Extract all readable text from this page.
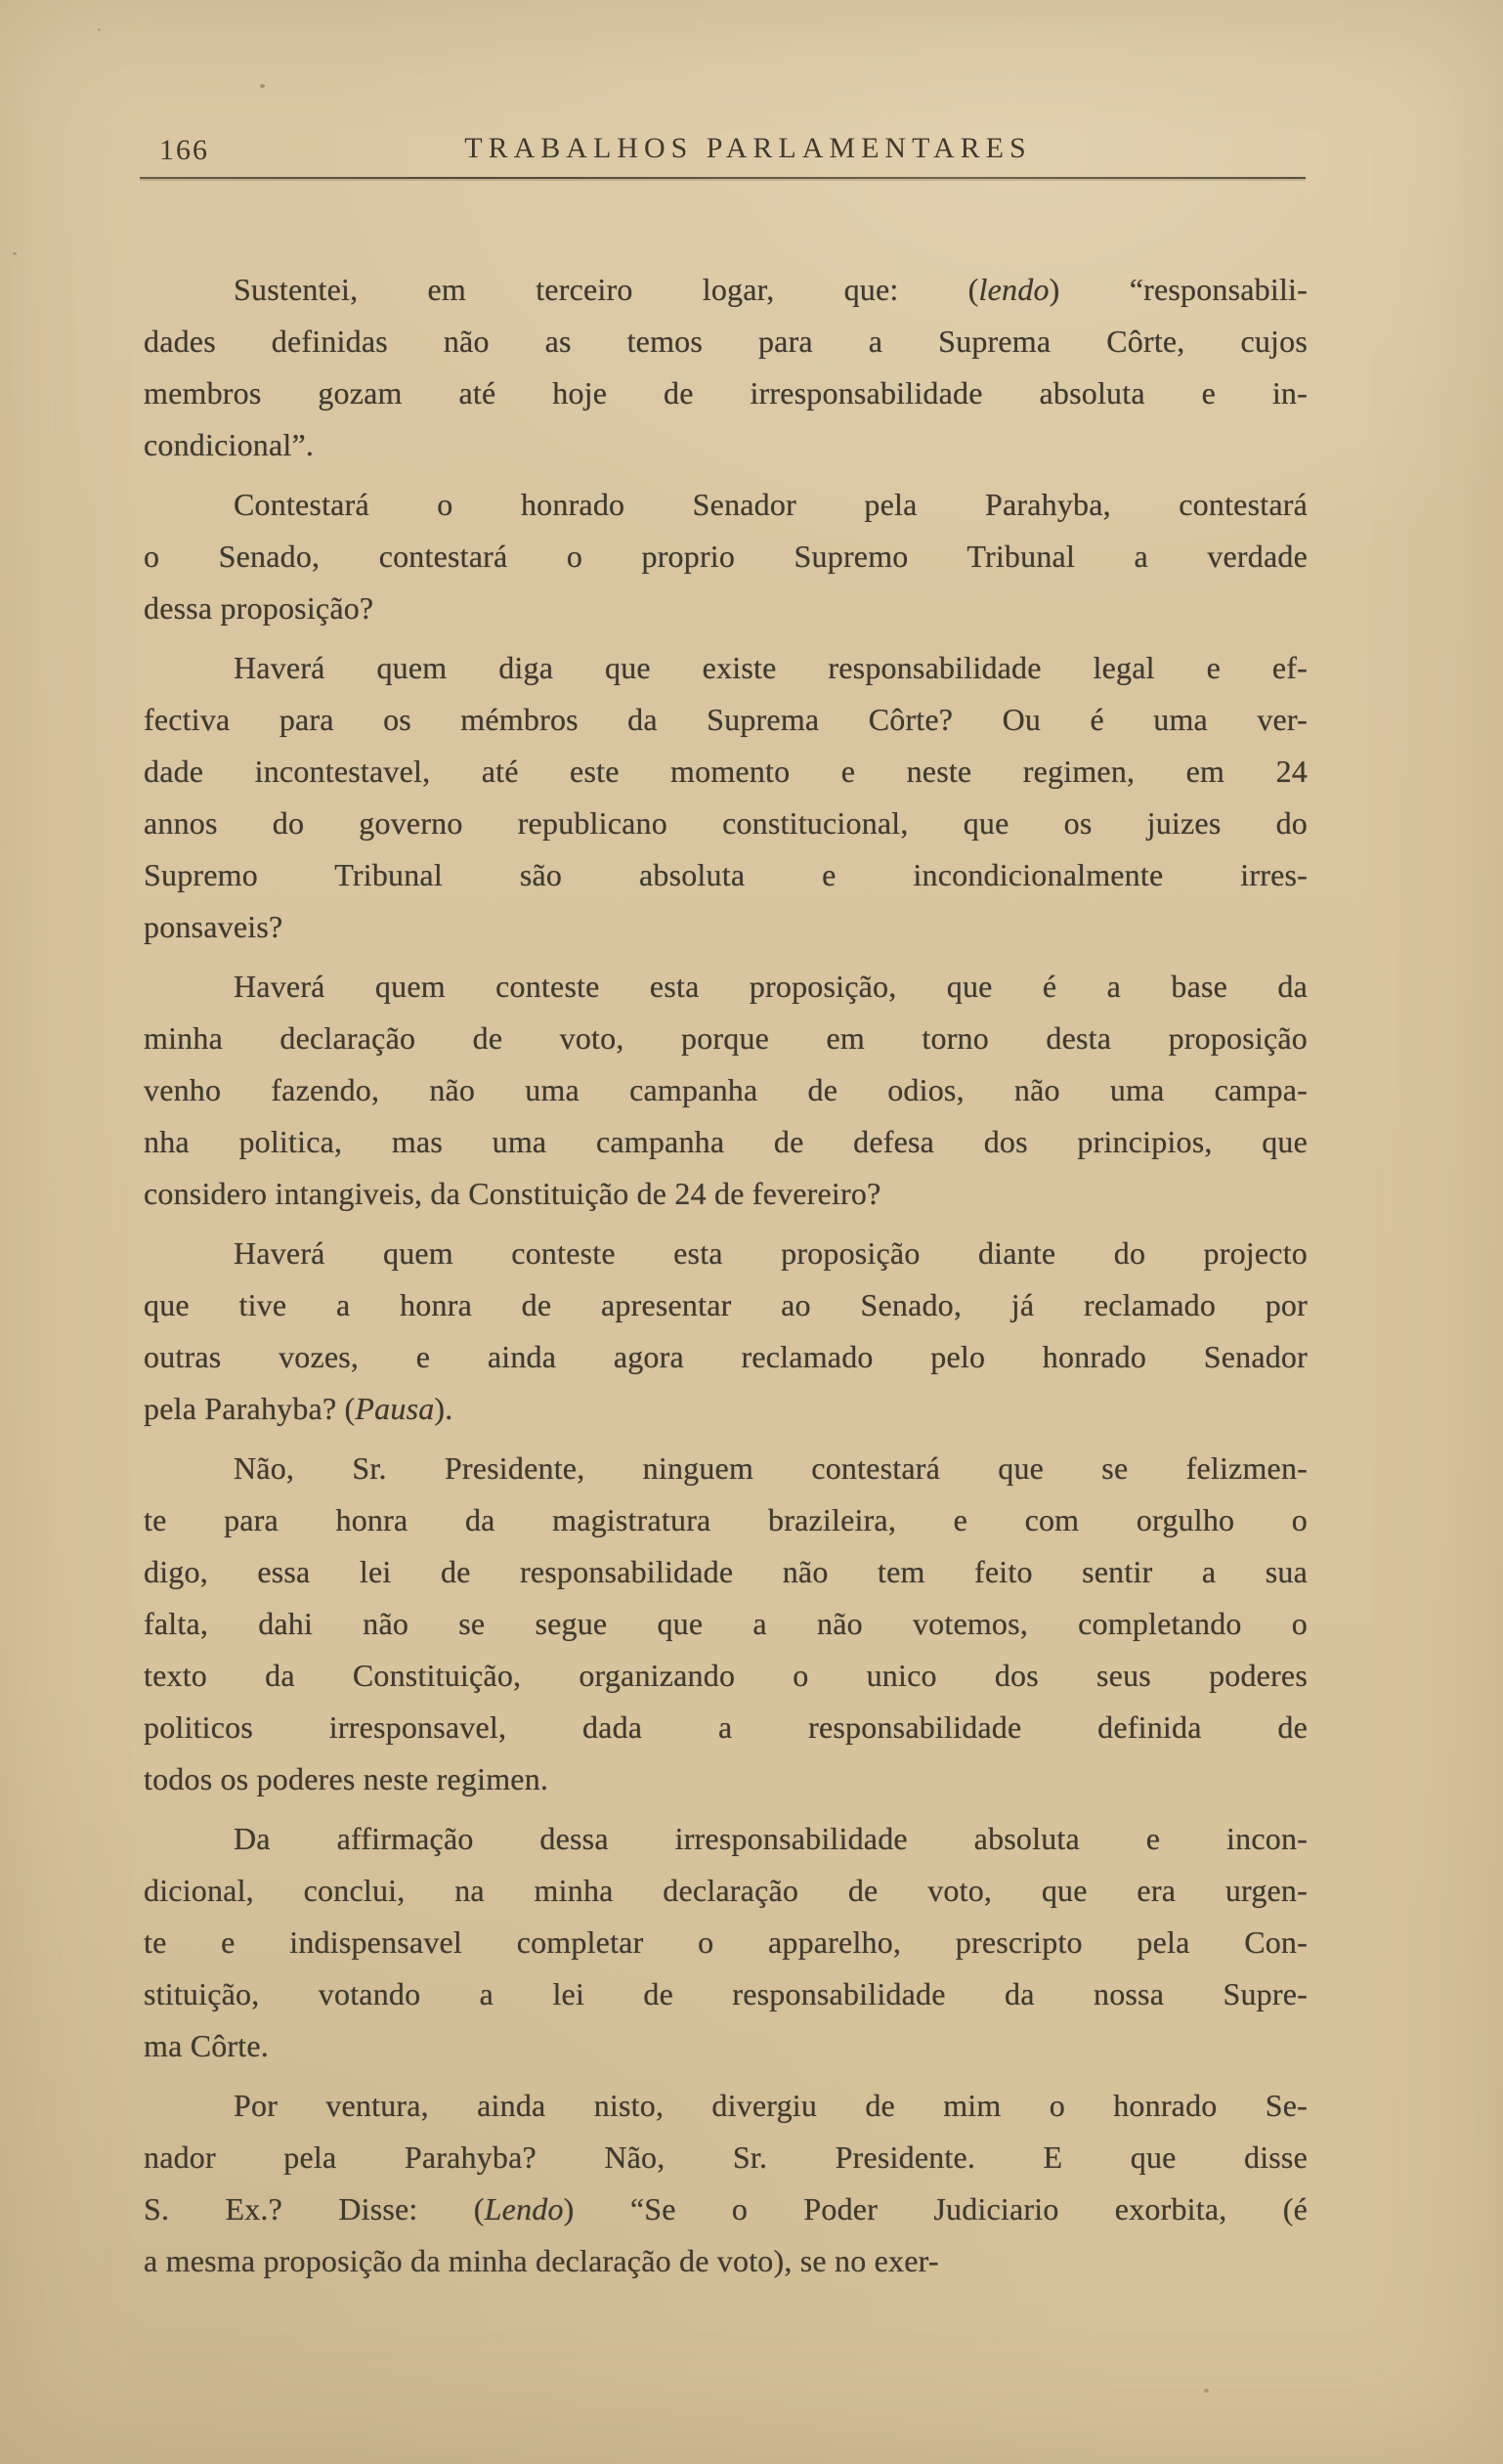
166	TRABALHOS PARLAMENTARES
Sustentei, em terceiro logar, que: (lendo) “responsabili-
dades definidas não as temos para a Suprema Côrte, cujos
membros gozam até hoje de irresponsabilidade absoluta e in-
condicional”.
Contestará o honrado Senador pela Parahyba, contestará
o Senado, contestará o proprio Supremo Tribunal a verdade
dessa proposição?
Haverá quem diga que existe responsabilidade legal e ef-
fectiva para os mémbros da Suprema Côrte? Ou é uma ver-
dade incontestavel, até este momento e neste regimen, em 24
annos do governo republicano constitucional, que os juizes do
Supremo Tribunal são absoluta e incondicionalmente irres-
ponsaveis?
Haverá quem conteste esta proposição, que é a base da
minha declaração de voto, porque em torno desta proposição
venho fazendo, não uma campanha de odios, não uma campa-
nha politica, mas uma campanha de defesa dos principios, que
considero intangiveis, da Constituição de 24 de fevereiro?
Haverá quem conteste esta proposição diante do projecto
que tive a honra de apresentar ao Senado, já reclamado por
outras vozes, e ainda agora reclamado pelo honrado Senador
pela Parahyba? (Pausa).
Não, Sr. Presidente, ninguem contestará que se felizmen-
te para honra da magistratura brazileira, e com orgulho o
digo, essa lei de responsabilidade não tem feito sentir a sua
falta, dahi não se segue que a não votemos, completando o
texto da Constituição, organizando o unico dos seus poderes
politicos irresponsavel, dada a responsabilidade definida de
todos os poderes neste regimen.
Da affirmação dessa irresponsabilidade absoluta e incon-
dicional, conclui, na minha declaração de voto, que era urgen-
te e indispensavel completar o apparelho, prescripto pela Con-
stituição, votando a lei de responsabilidade da nossa Supre-
ma Côrte.
Por ventura, ainda nisto, divergiu de mim o honrado Se-
nador pela Parahyba? Não, Sr. Presidente. E que disse
S. Ex.? Disse: (Lendo) “Se o Poder Judiciario exorbita, (é
a mesma proposição da minha declaração de voto), se no exer-
